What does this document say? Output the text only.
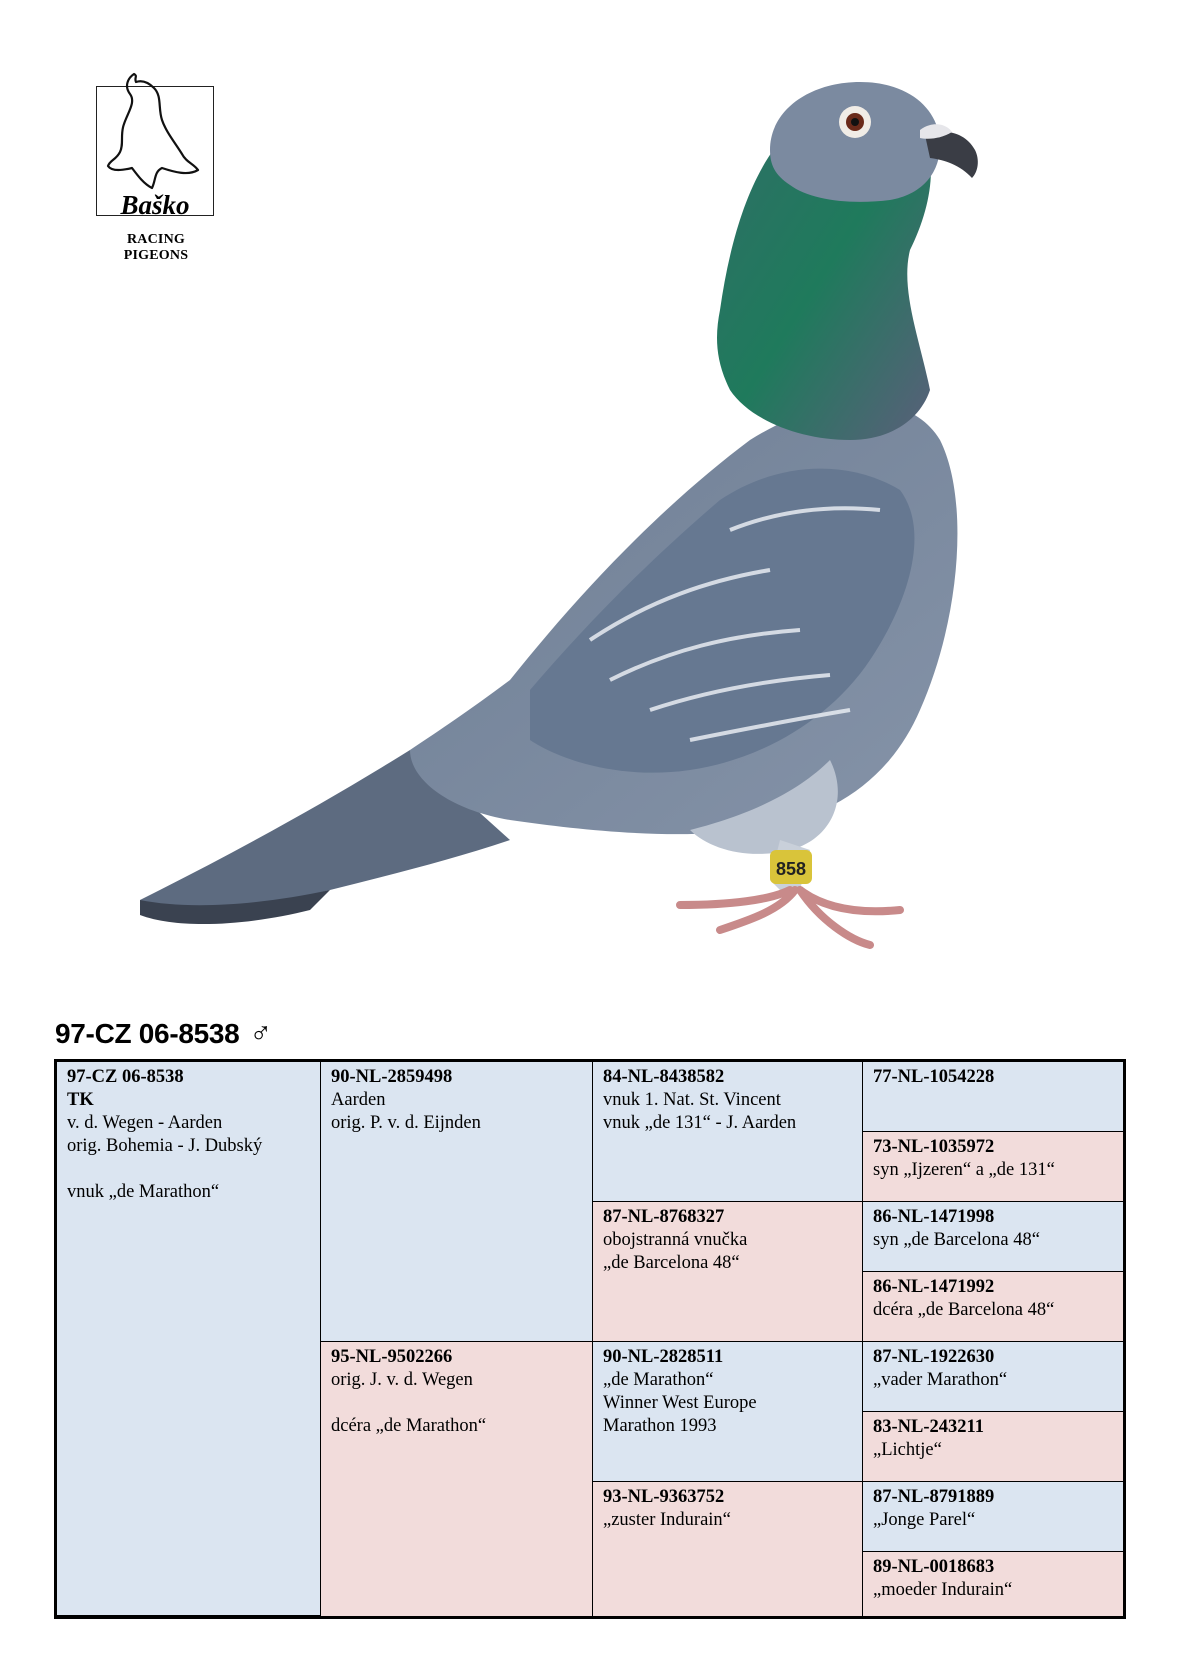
Baško
RACING PIGEONS
858
97-CZ 06-8538 ♂
97-CZ 06-8538
TK
v. d. Wegen - Aarden
orig. Bohemia - J. Dubský
vnuk „de Marathon“
90-NL-2859498
Aarden
orig. P. v. d. Eijnden
95-NL-9502266
orig. J. v. d. Wegen
dcéra „de Marathon“
84-NL-8438582
vnuk 1. Nat. St. Vincent
vnuk „de 131“ - J. Aarden
87-NL-8768327
obojstranná vnučka
„de Barcelona 48“
90-NL-2828511
„de Marathon“
Winner West Europe
Marathon 1993
93-NL-9363752
„zuster Indurain“
77-NL-1054228
73-NL-1035972
syn „Ijzeren“ a „de 131“
86-NL-1471998
syn „de Barcelona 48“
86-NL-1471992
dcéra „de Barcelona 48“
87-NL-1922630
„vader Marathon“
83-NL-243211
„Lichtje“
87-NL-8791889
„Jonge Parel“
89-NL-0018683
„moeder Indurain“
